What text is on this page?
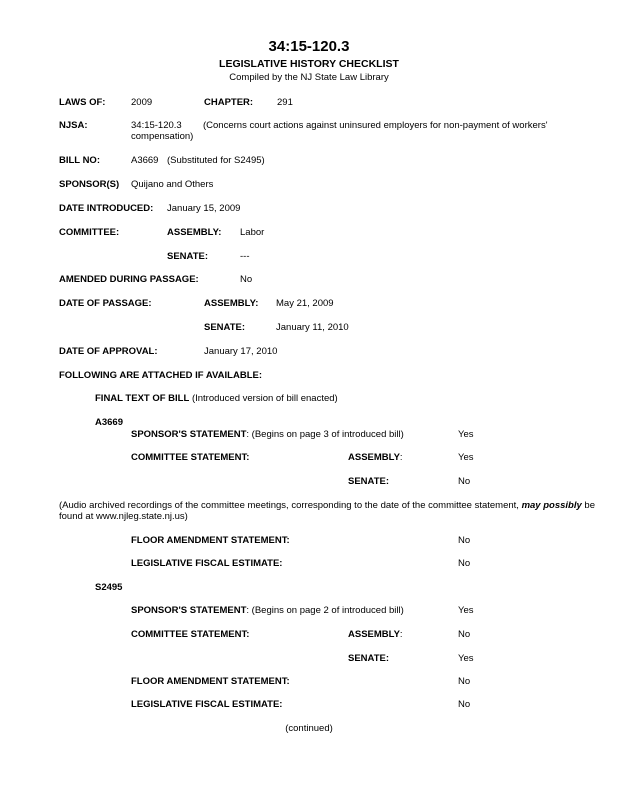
34:15-120.3
LEGISLATIVE HISTORY CHECKLIST
Compiled by the NJ State Law Library
LAWS OF:	2009	CHAPTER:	291
NJSA:	34:15-120.3	(Concerns court actions against uninsured employers for non-payment of workers' compensation)
BILL NO:	A3669 (Substituted for S2495)
SPONSOR(S) Quijano and Others
DATE INTRODUCED: January 15, 2009
COMMITTEE:	ASSEMBLY: Labor
SENATE:	---
AMENDED DURING PASSAGE:	No
DATE OF PASSAGE:	ASSEMBLY: May 21, 2009
SENATE:	January 11, 2010
DATE OF APPROVAL:	January 17, 2010
FOLLOWING ARE ATTACHED IF AVAILABLE:
FINAL TEXT OF BILL (Introduced version of bill enacted)
A3669
SPONSOR'S STATEMENT: (Begins on page 3 of introduced bill)	Yes
COMMITTEE STATEMENT:	ASSEMBLY:	Yes
SENATE:	No
(Audio archived recordings of the committee meetings, corresponding to the date of the committee statement, may possibly be found at www.njleg.state.nj.us)
FLOOR AMENDMENT STATEMENT:	No
LEGISLATIVE FISCAL ESTIMATE:	No
S2495
SPONSOR'S STATEMENT: (Begins on page 2 of introduced bill)	Yes
COMMITTEE STATEMENT:	ASSEMBLY:	No
SENATE:	Yes
FLOOR AMENDMENT STATEMENT:	No
LEGISLATIVE FISCAL ESTIMATE:	No
(continued)
